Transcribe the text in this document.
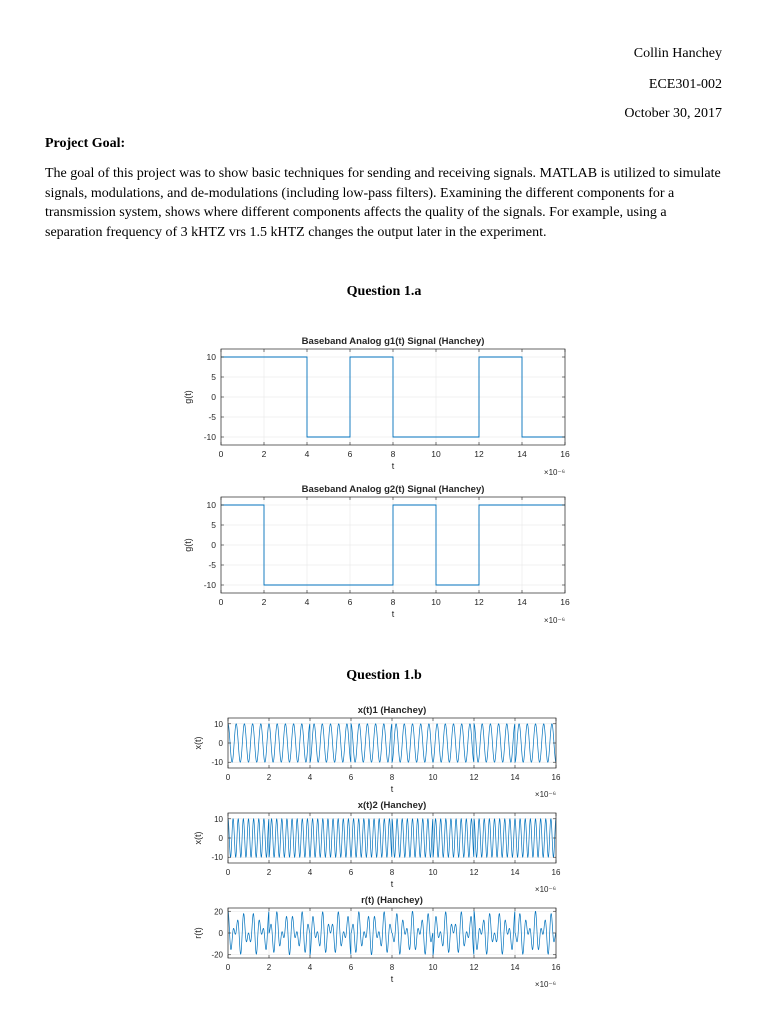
Collin Hanchey
ECE301-002
October 30, 2017
Project Goal:

The goal of this project was to show basic techniques for sending and receiving signals. MATLAB is utilized to simulate signals, modulations, and de-modulations (including low-pass filters). Examining the different components for a transmission system, shows where different components affects the quality of the signals. For example, using a separation frequency of 3 kHTZ vrs 1.5 kHTZ changes the output later in the experiment.

Question 1.a
Question 1.b
0	2	4	6	8	10	12	14	16
10
5
0
-5
-10
Baseband Analog g1(t) Signal (Hanchey)
t
g(t)
×10⁻⁶
0	2	4	6	8	10	12	14	16
10
5
0
-5
-10
Baseband Analog g2(t) Signal (Hanchey)
t
g(t)
×10⁻⁶
0	2	4	6	8	10	12	14	16
10
0
-10
x(t)1 (Hanchey)
t
x(t)
×10⁻⁶
0	2	4	6	8	10	12	14	16
10
0
-10
x(t)2 (Hanchey)
t
x(t)
×10⁻⁶
0	2	4	6	8	10	12	14	16
20
0
-20
r(t) (Hanchey)
t
r(t)
×10⁻⁶
